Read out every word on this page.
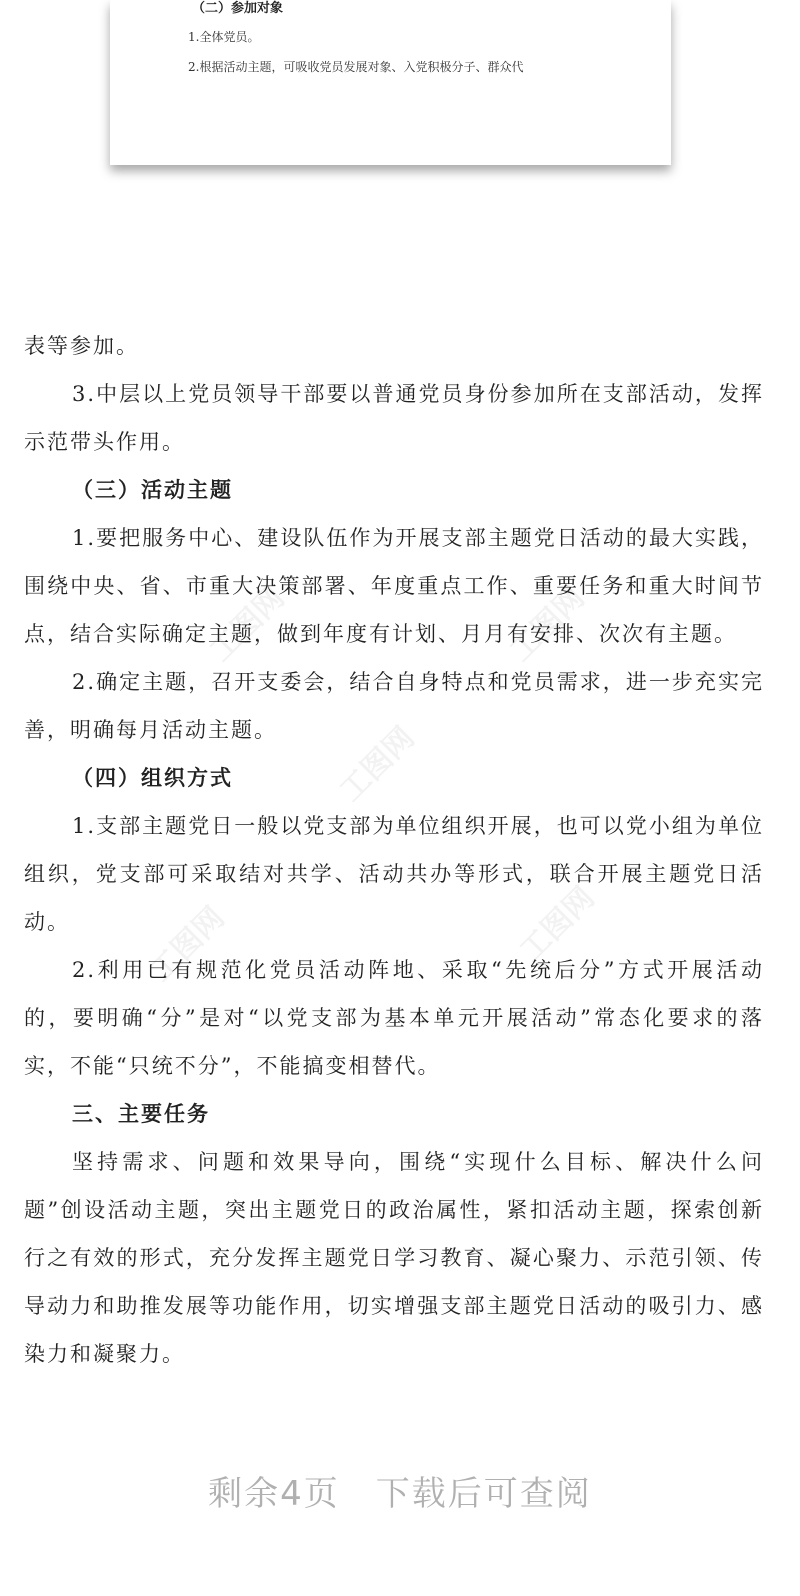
（二）参加对象
1.全体党员。
2.根据活动主题，可吸收党员发展对象、入党积极分子、群众代
工图网	工图网
工图网
工图网	工图网

表等参加。

3.中层以上党员领导干部要以普通党员身份参加所在支部活动，发挥示范带头作用。

（三）活动主题

1.要把服务中心、建设队伍作为开展支部主题党日活动的最大实践，围绕中央、省、市重大决策部署、年度重点工作、重要任务和重大时间节点，结合实际确定主题，做到年度有计划、月月有安排、次次有主题。

2.确定主题，召开支委会，结合自身特点和党员需求，进一步充实完善，明确每月活动主题。

（四）组织方式

1.支部主题党日一般以党支部为单位组织开展，也可以党小组为单位组织，党支部可采取结对共学、活动共办等形式，联合开展主题党日活动。

2.利用已有规范化党员活动阵地、采取“先统后分”方式开展活动的，要明确“分”是对“以党支部为基本单元开展活动”常态化要求的落实，不能“只统不分”，不能搞变相替代。

三、主要任务

坚持需求、问题和效果导向，围绕“实现什么目标、解决什么问题”创设活动主题，突出主题党日的政治属性，紧扣活动主题，探索创新行之有效的形式，充分发挥主题党日学习教育、凝心聚力、示范引领、传导动力和助推发展等功能作用，切实增强支部主题党日活动的吸引力、感染力和凝聚力。

剩余4页　下载后可查阅
